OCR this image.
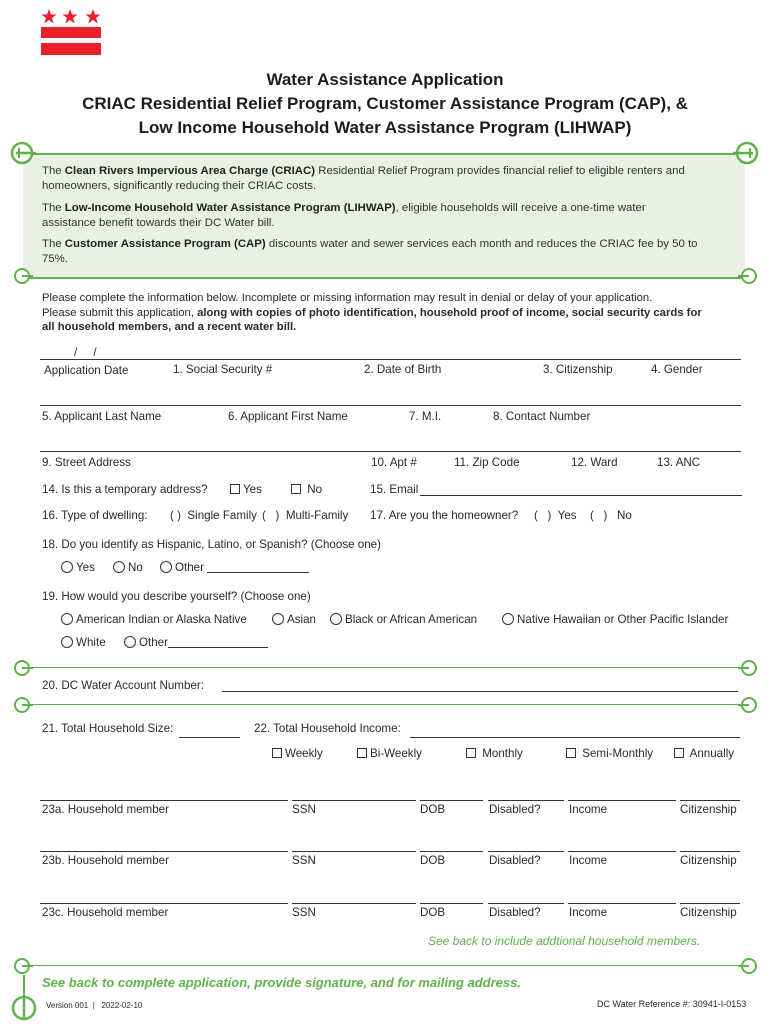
Water Assistance Application
CRIAC Residential Relief Program, Customer Assistance Program (CAP), &
Low Income Household Water Assistance Program (LIHWAP)
The Clean Rivers Impervious Area Charge (CRIAC) Residential Relief Program provides financial relief to eligible renters and homeowners, significantly reducing their CRIAC costs.
The Low-Income Household Water Assistance Program (LIHWAP), eligible households will receive a one-time water assistance benefit towards their DC Water bill.
The Customer Assistance Program (CAP) discounts water and sewer services each month and reduces the CRIAC fee by 50 to 75%.
Please complete the information below. Incomplete or missing information may result in denial or delay of your application.
Please submit this application, along with copies of photo identification, household proof of income, social security cards for
all household members, and a recent water bill.
/     /
Application Date	1. Social Security #	2. Date of Birth	3. Citizenship	4. Gender
5. Applicant Last Name	6. Applicant First Name	7. M.I.	8. Contact Number
9. Street Address	10. Apt #	11. Zip Code	12. Ward	13. ANC
14. Is this a temporary address?	Yes	No	15. Email
16. Type of dwelling: ( )  Single Family (   )  Multi-Family 17. Are you the homeowner? (   )  Yes (   )   No
18. Do you identify as Hispanic, Latino, or Spanish? (Choose one)
Yes	No	Other
19. How would you describe yourself? (Choose one)
American Indian or Alaska Native	Asian	Black or African American	Native Hawaiian or Other Pacific Islander
White	Other
20. DC Water Account Number:
21. Total Household Size:	22. Total Household Income:
Weekly	Bi-Weekly	Monthly	Semi-Monthly	Annually
23a. Household member	SSN	DOB	Disabled? Income	Citizenship
23b. Household member	SSN	DOB	Disabled? Income	Citizenship
23c. Household member	SSN	DOB	Disabled? Income	Citizenship
See back to include addtional household members.
See back to complete application, provide signature, and for mailing address.
Version 001  |   2022-02-10	DC Water Reference #: 30941-I-0153
